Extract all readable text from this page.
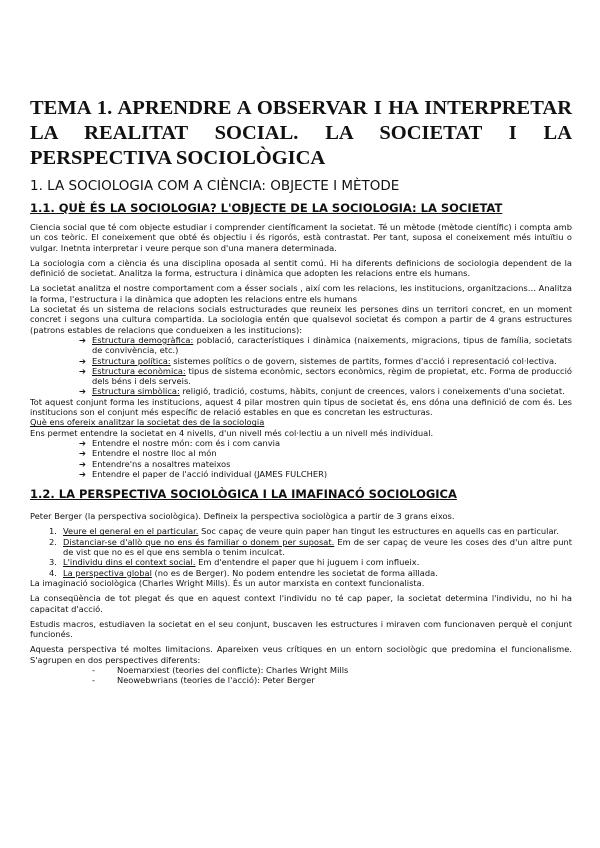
TEMA 1. APRENDRE A OBSERVAR I HA INTERPRETAR LA REALITAT SOCIAL. LA SOCIETAT I LA PERSPECTIVA SOCIOLÒGICA
1. LA SOCIOLOGIA COM A CIÈNCIA: OBJECTE I MÈTODE
1.1. QUÈ ÉS LA SOCIOLOGIA? L'OBJECTE DE LA SOCIOLOGIA: LA SOCIETAT

Ciencia social que té com objecte estudiar i comprender científicament la societat. Té un mètode (mètode científic) i compta amb un cos teòric. El coneixement que obté és objectiu i és rigorós, està contrastat. Per tant, suposa el coneixement més intuïtiu o vulgar. Inetnta interpretar i veure perque son d'una manera determinada.

La sociologia com a ciència és una disciplina oposada al sentit comú. Hi ha diferents definicions de sociologia dependent de la definició de societat. Analitza la forma, estructura i dinàmica que adopten les relacions entre els humans.

La societat analitza el nostre comportament com a ésser socials , així com les relacions, les institucions, organitzacions… Analitza la forma, l'estructura i la dinàmica que adopten les relacions entre els humans

La societat és un sistema de relacions socials estructurades que reuneix les persones dins un territori concret, en un moment concret i segons una cultura compartida. La sociologia entén que qualsevol societat és compon a partir de 4 grans estructures (patrons estables de relacions que condueixen a les institucions):

➔ Estructura demogràfica: població, característiques i dinàmica (naixements, migracions, tipus de família, societats de convivència, etc.)
➔ Estructura política: sistemes polítics o de govern, sistemes de partits, formes d'acció i representació col·lectiva.
➔ Estructura econòmica: tipus de sistema econòmic, sectors econòmics, règim de propietat, etc. Forma de producció dels béns i dels serveis.
➔ Estructura simbòlica: religió, tradició, costums, hàbits, conjunt de creences, valors i coneixements d'una societat.

Tot aquest conjunt forma les institucions, aquest 4 pilar mostren quin tipus de societat és, ens dóna una definició de com és. Les institucions son el conjunt més específic de relació estables en que es concretan les estructuras.

Què ens ofereix analitzar la societat des de la sociologia

Ens permet entendre la societat en 4 nivells, d'un nivell més col·lectiu a un nivell més individual.

➔ Entendre el nostre món: com és i com canvia
➔ Entendre el nostre lloc al món
➔ Entendre'ns a nosaltres mateixos
➔ Entendre el paper de l'acció individual (JAMES FULCHER)
1.2. LA PERSPECTIVA SOCIOLÒGICA I LA IMAFINACÓ SOCIOLOGICA

Peter Berger (la perspectiva sociològica). Defineix la perspectiva sociològica a partir de 3 grans eixos.

1. Veure el general en el particular. Soc capaç de veure quin paper han tingut les estructures en aquells cas en particular.
2. Distanciar-se d'allò que no ens és familiar o donem per suposat. Em de ser capaç de veure les coses des d'un altre punt de vist que no es el que ens sembla o tenim inculcat.
3. L'individu dins el context social. Em d'entendre el paper que hi juguem i com influeix.
4. La perspectiva global (no es de Berger). No podem entendre les societat de forma aïllada.

La imaginació sociològica (Charles Wright Mills). És un autor marxista en context funcionalista.

La conseqüència de tot plegat és que en aquest context l'individu no té cap paper, la societat determina l'individu, no hi ha capacitat d'acció.

Estudis macros, estudiaven la societat en el seu conjunt, buscaven les estructures i miraven com funcionaven perquè el conjunt funcionés.

Aquesta perspectiva té moltes limitacions. Apareixen veus crítiques en un entorn sociològic que predomina el funcionalisme. S'agrupen en dos perspectives diferents:

-	Noemarxiest (teories del conflicte): Charles Wright Mills
-	Neowebwrians (teories de l'acció): Peter Berger
